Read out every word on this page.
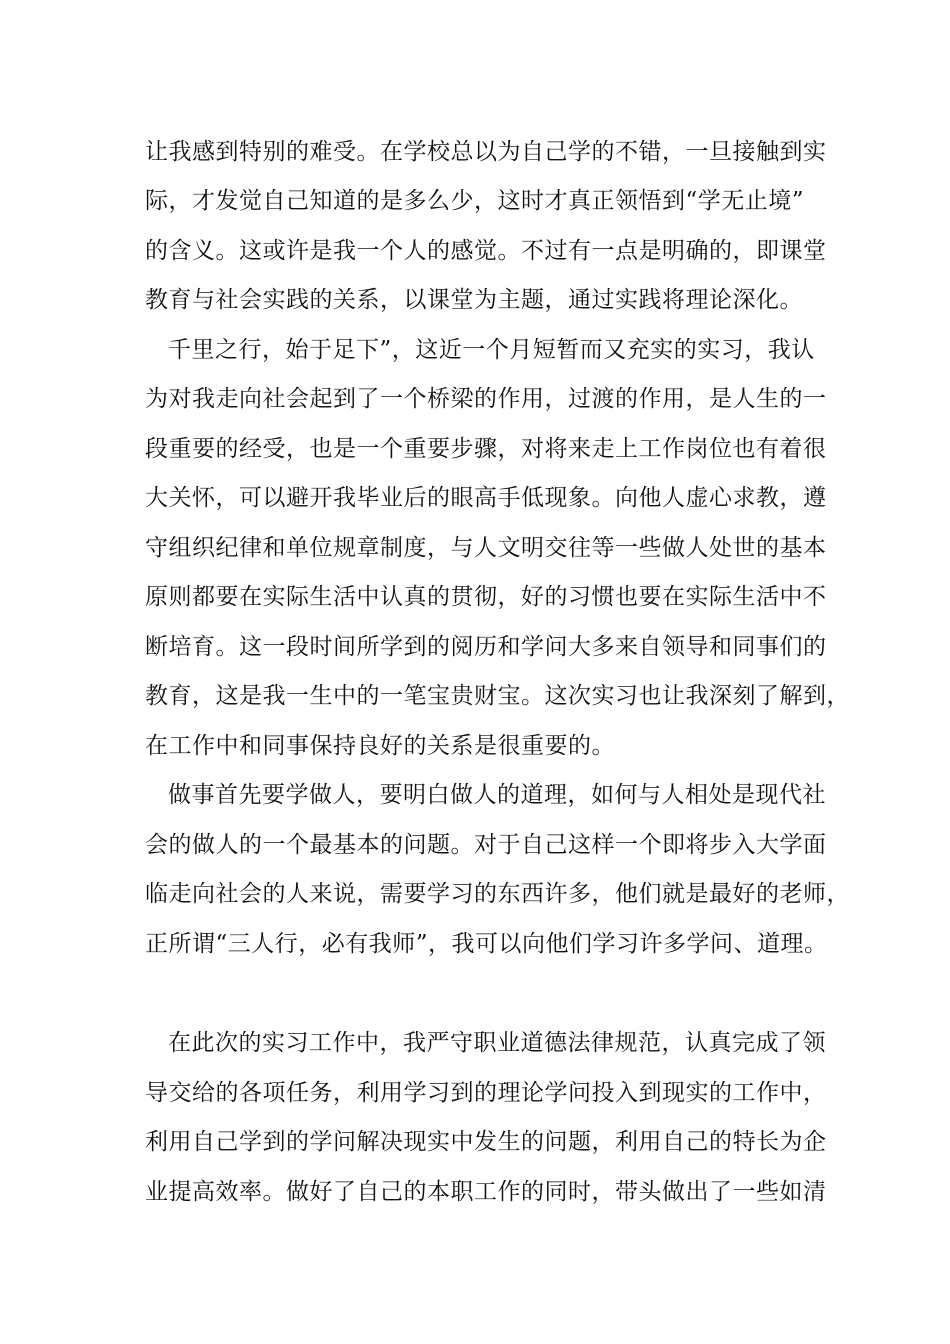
让我感到特别的难受。在学校总以为自己学的不错，一旦接触到实
际，才发觉自己知道的是多么少，这时才真正领悟到“学无止境”
的含义。这或许是我一个人的感觉。不过有一点是明确的，即课堂
教育与社会实践的关系，以课堂为主题，通过实践将理论深化。
千里之行，始于足下”，这近一个月短暂而又充实的实习，我认
为对我走向社会起到了一个桥梁的作用，过渡的作用，是人生的一
段重要的经受，也是一个重要步骤，对将来走上工作岗位也有着很
大关怀，可以避开我毕业后的眼高手低现象。向他人虚心求教，遵
守组织纪律和单位规章制度，与人文明交往等一些做人处世的基本
原则都要在实际生活中认真的贯彻，好的习惯也要在实际生活中不
断培育。这一段时间所学到的阅历和学问大多来自领导和同事们的
教育，这是我一生中的一笔宝贵财宝。这次实习也让我深刻了解到，
在工作中和同事保持良好的关系是很重要的。
做事首先要学做人，要明白做人的道理，如何与人相处是现代社
会的做人的一个最基本的问题。对于自己这样一个即将步入大学面
临走向社会的人来说，需要学习的东西许多，他们就是最好的老师，
正所谓“三人行，必有我师”，我可以向他们学习许多学问、道理。
在此次的实习工作中，我严守职业道德法律规范，认真完成了领
导交给的各项任务，利用学习到的理论学问投入到现实的工作中，
利用自己学到的学问解决现实中发生的问题，利用自己的特长为企
业提高效率。做好了自己的本职工作的同时，带头做出了一些如清
